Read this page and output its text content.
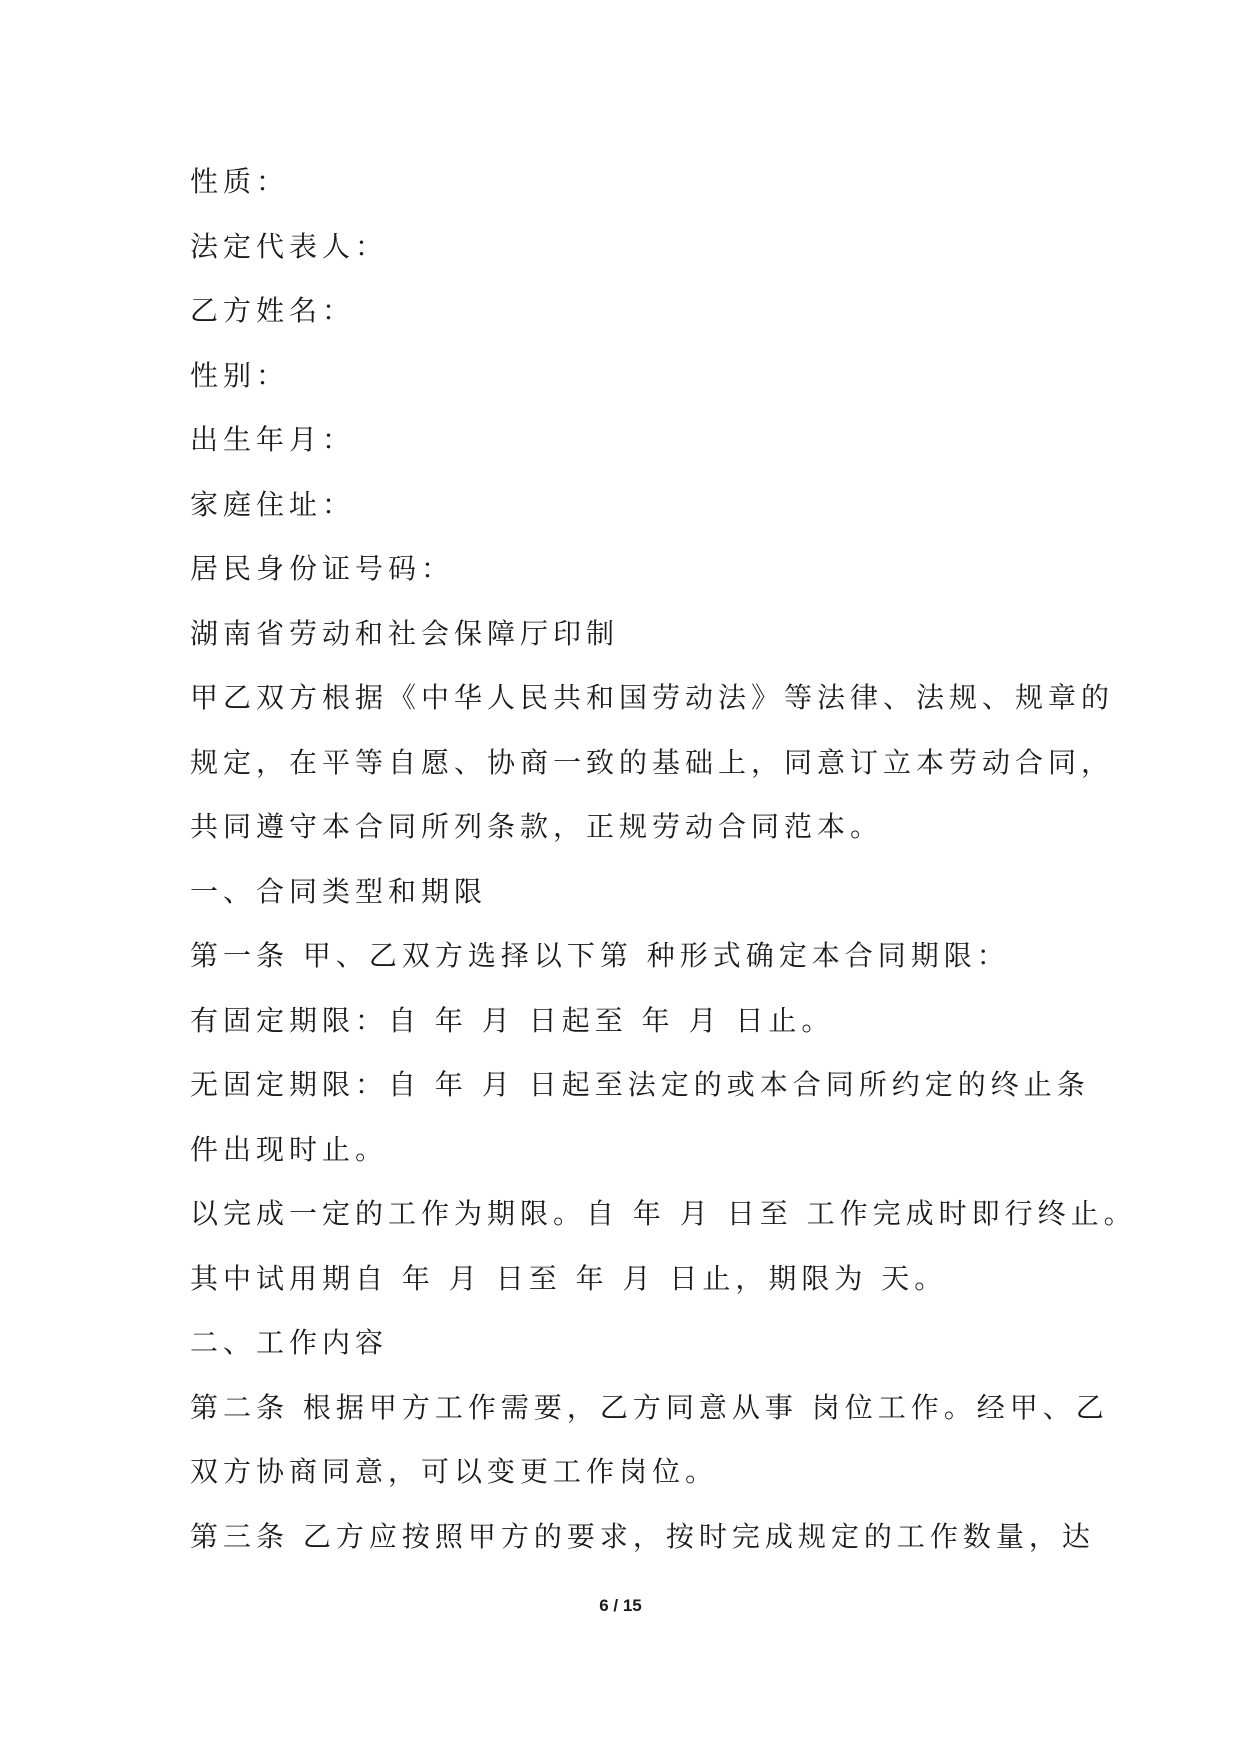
性质：
法定代表人：
乙方姓名：
性别：
出生年月：
家庭住址：
居民身份证号码：
湖南省劳动和社会保障厅印制
甲乙双方根据《中华人民共和国劳动法》等法律、法规、规章的
规定，在平等自愿、协商一致的基础上，同意订立本劳动合同，
共同遵守本合同所列条款，正规劳动合同范本。
一、合同类型和期限
第一条 甲、乙双方选择以下第 种形式确定本合同期限：
有固定期限：自 年 月 日起至 年 月 日止。
无固定期限：自 年 月 日起至法定的或本合同所约定的终止条
件出现时止。
以完成一定的工作为期限。自 年 月 日至 工作完成时即行终止。
其中试用期自 年 月 日至 年 月 日止，期限为 天。
二、工作内容
第二条 根据甲方工作需要，乙方同意从事 岗位工作。经甲、乙
双方协商同意，可以变更工作岗位。
第三条 乙方应按照甲方的要求，按时完成规定的工作数量，达
6 / 15
